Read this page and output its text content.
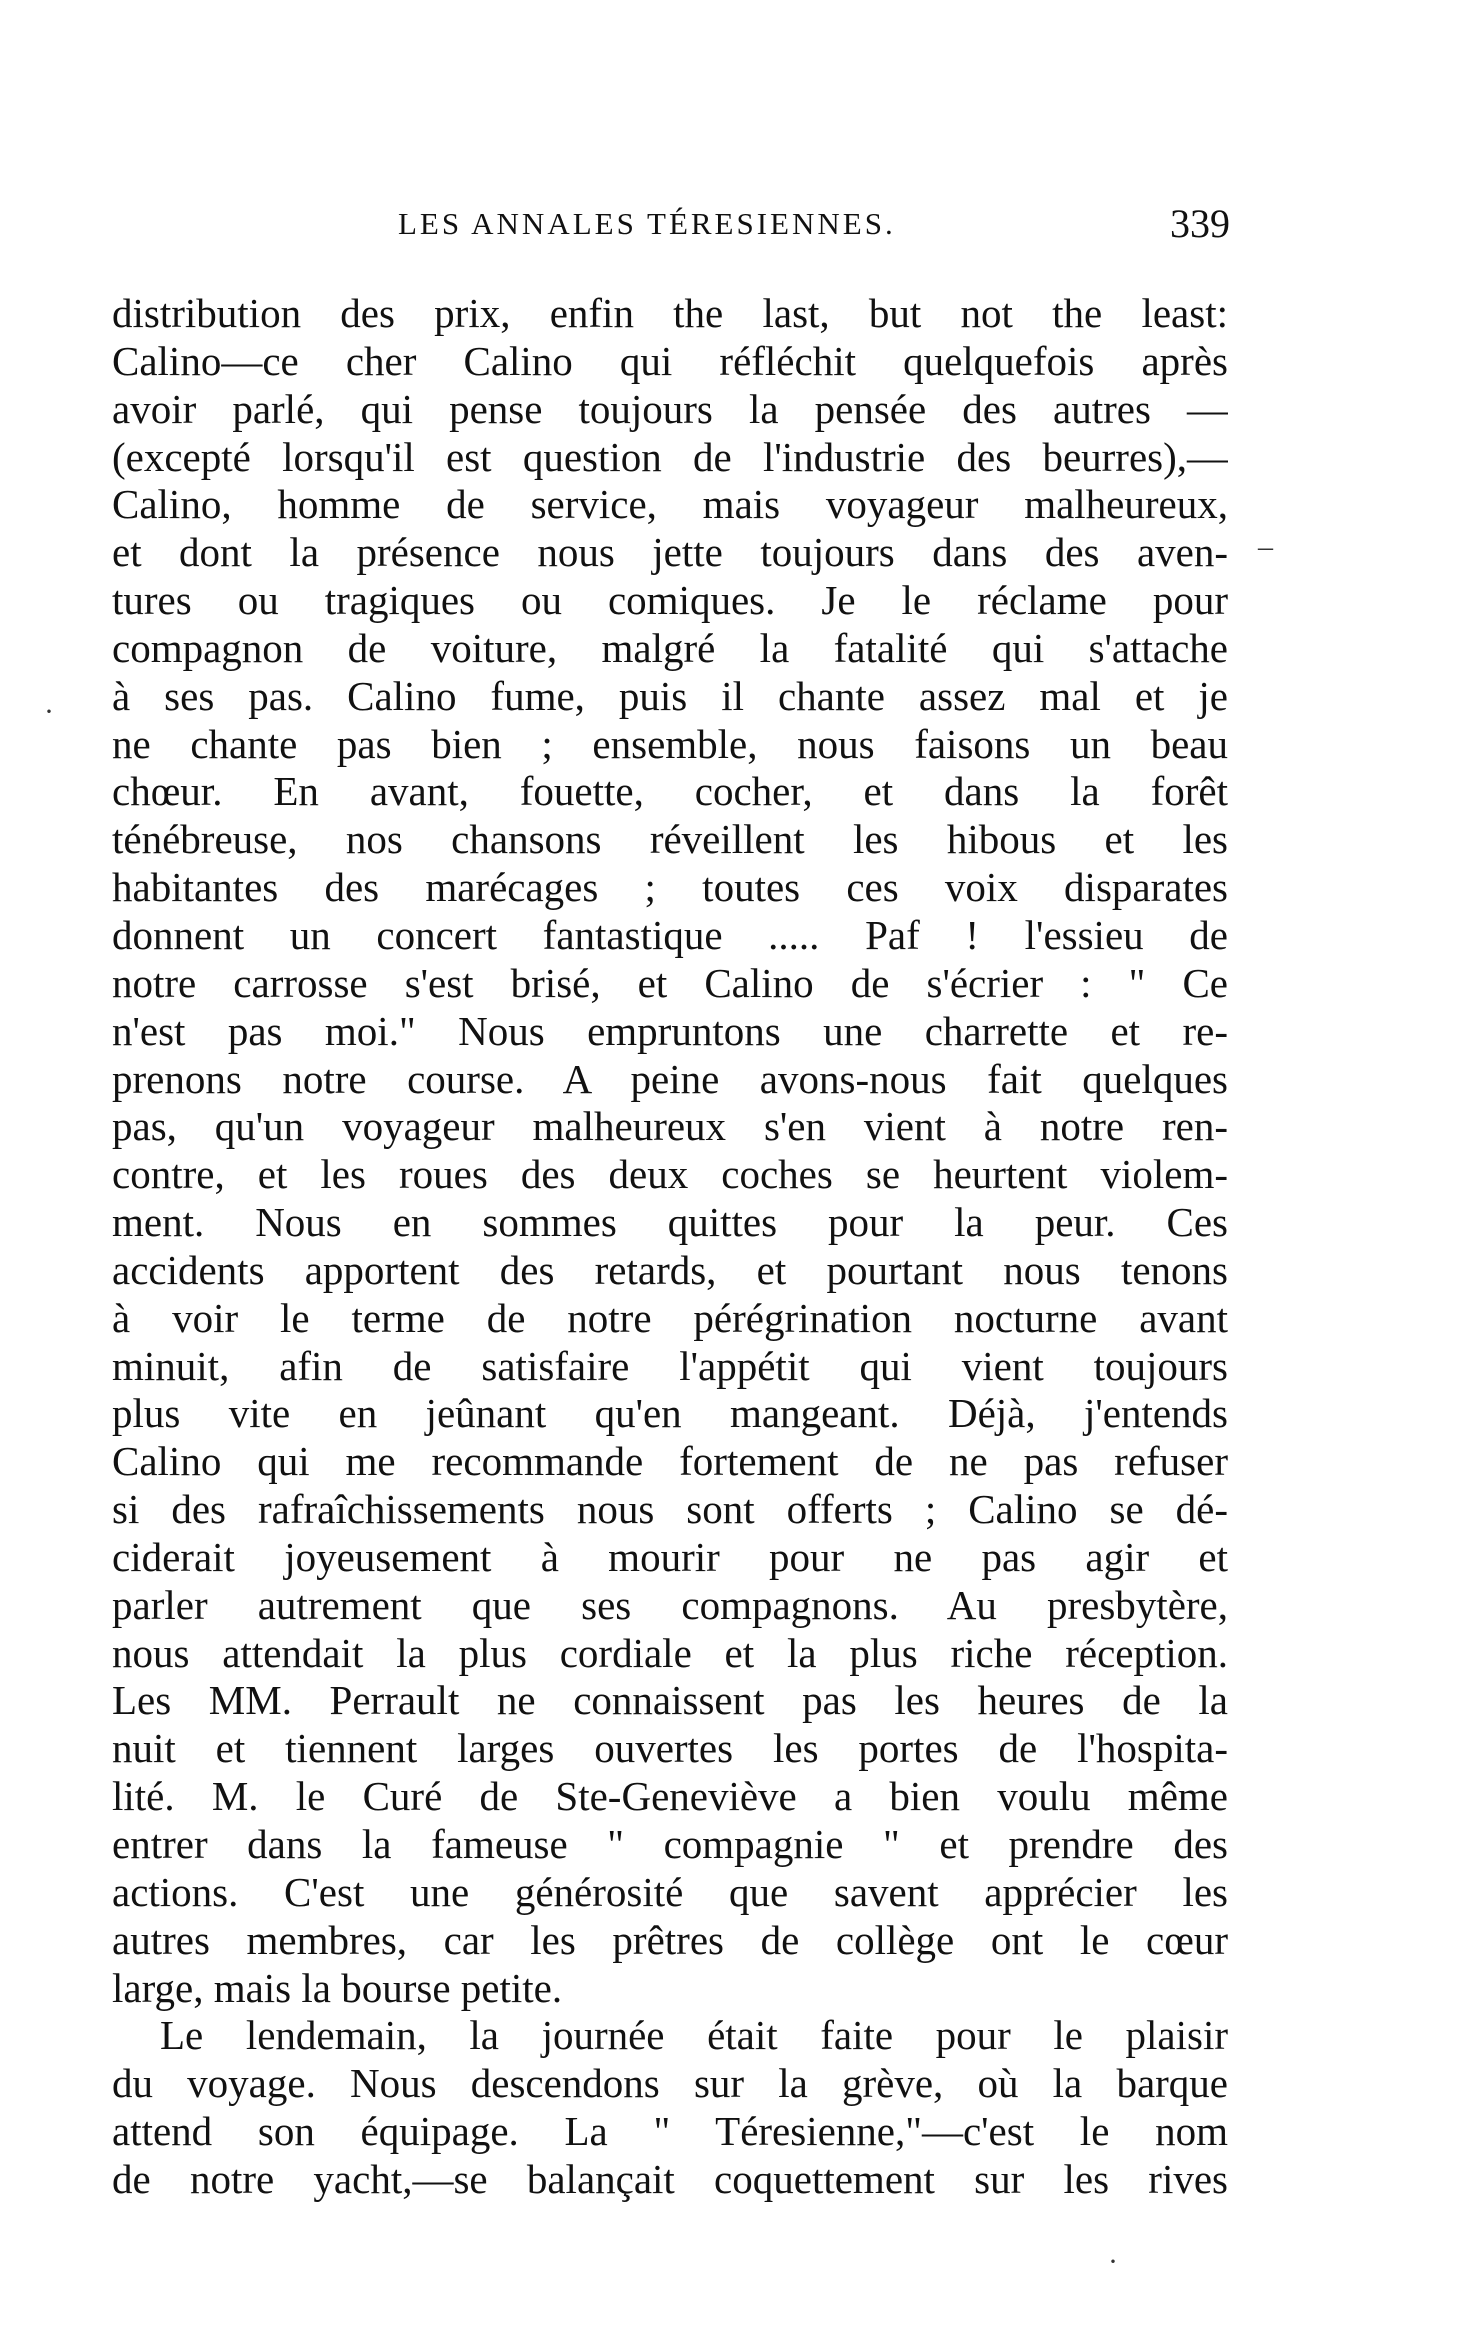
LES ANNALES TÉRESIENNES.	339
distribution des prix, enfin the last, but not the least:
Calino—ce cher Calino qui réfléchit quelquefois après
avoir parlé, qui pense toujours la pensée des autres —
(excepté lorsqu'il est question de l'industrie des beurres),—
Calino, homme de service, mais voyageur malheureux,
et dont la présence nous jette toujours dans des aven-
tures ou tragiques ou comiques. Je le réclame pour
compagnon de voiture, malgré la fatalité qui s'attache
à ses pas. Calino fume, puis il chante assez mal et je
ne chante pas bien ; ensemble, nous faisons un beau
chœur. En avant, fouette, cocher, et dans la forêt
ténébreuse, nos chansons réveillent les hibous et les
habitantes des marécages ; toutes ces voix disparates
donnent un concert fantastique ..... Paf ! l'essieu de
notre carrosse s'est brisé, et Calino de s'écrier : " Ce
n'est pas moi." Nous empruntons une charrette et re-
prenons notre course. A peine avons-nous fait quelques
pas, qu'un voyageur malheureux s'en vient à notre ren-
contre, et les roues des deux coches se heurtent violem-
ment. Nous en sommes quittes pour la peur. Ces
accidents apportent des retards, et pourtant nous tenons
à voir le terme de notre pérégrination nocturne avant
minuit, afin de satisfaire l'appétit qui vient toujours
plus vite en jeûnant qu'en mangeant. Déjà, j'entends
Calino qui me recommande fortement de ne pas refuser
si des rafraîchissements nous sont offerts ; Calino se dé-
ciderait joyeusement à mourir pour ne pas agir et
parler autrement que ses compagnons. Au presbytère,
nous attendait la plus cordiale et la plus riche réception.
Les MM. Perrault ne connaissent pas les heures de la
nuit et tiennent larges ouvertes les portes de l'hospita-
lité. M. le Curé de Ste-Geneviève a bien voulu même
entrer dans la fameuse " compagnie " et prendre des
actions. C'est une générosité que savent apprécier les
autres membres, car les prêtres de collège ont le cœur
large, mais la bourse petite.
Le lendemain, la journée était faite pour le plaisir
du voyage. Nous descendons sur la grève, où la barque
attend son équipage. La " Téresienne,"—c'est le nom
de notre yacht,—se balançait coquettement sur les rives
–
·
·
